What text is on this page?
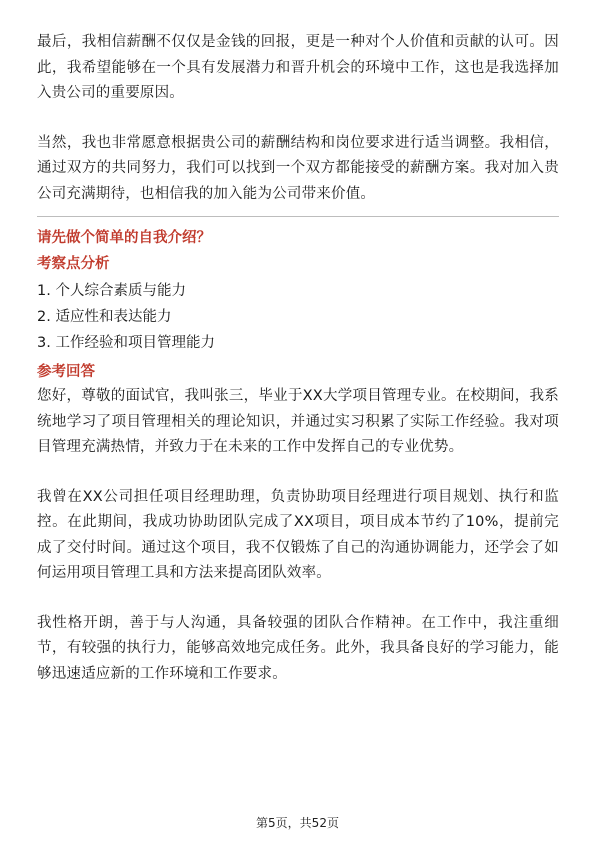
最后，我相信薪酬不仅仅是金钱的回报，更是一种对个人价值和贡献的认可。因此，我希望能够在一个具有发展潜力和晋升机会的环境中工作，这也是我选择加入贵公司的重要原因。

当然，我也非常愿意根据贵公司的薪酬结构和岗位要求进行适当调整。我相信，通过双方的共同努力，我们可以找到一个双方都能接受的薪酬方案。我对加入贵公司充满期待，也相信我的加入能为公司带来价值。

请先做个简单的自我介绍？
考察点分析

1. 个人综合素质与能力

2. 适应性和表达能力

3. 工作经验和项目管理能力

参考回答

您好，尊敬的面试官，我叫张三，毕业于XX大学项目管理专业。在校期间，我系统地学习了项目管理相关的理论知识，并通过实习积累了实际工作经验。我对项目管理充满热情，并致力于在未来的工作中发挥自己的专业优势。

我曾在XX公司担任项目经理助理，负责协助项目经理进行项目规划、执行和监控。在此期间，我成功协助团队完成了XX项目，项目成本节约了10%，提前完成了交付时间。通过这个项目，我不仅锻炼了自己的沟通协调能力，还学会了如何运用项目管理工具和方法来提高团队效率。

我性格开朗，善于与人沟通，具备较强的团队合作精神。在工作中，我注重细节，有较强的执行力，能够高效地完成任务。此外，我具备良好的学习能力，能够迅速适应新的工作环境和工作要求。

第5页，共52页
